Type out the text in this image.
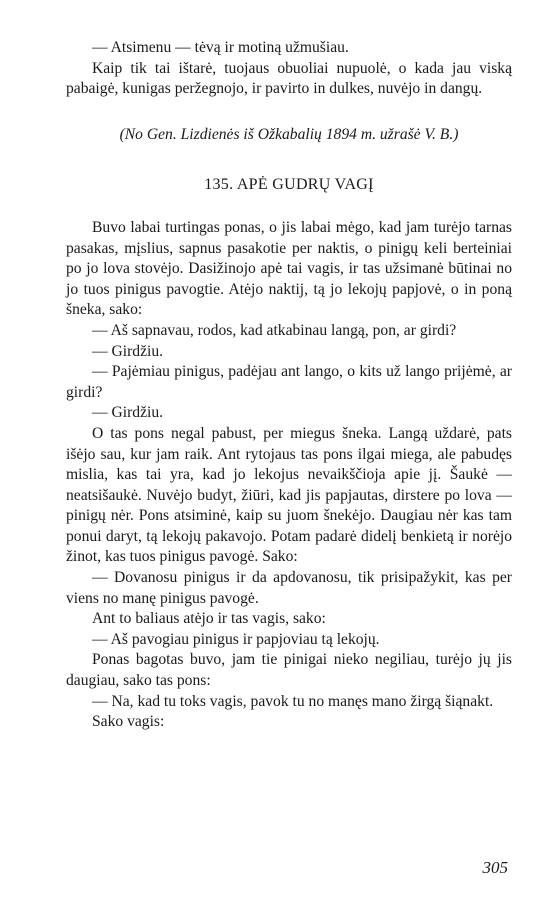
— Atsimenu — tėvą ir motiną užmušiau.

Kaip tik tai ištarė, tuojaus obuoliai nupuolė, o kada jau viską pabaigė, kunigas peržegnojo, ir pavirto in dulkes, nuvėjo in dangų.

(No Gen. Lizdienės iš Ožkabalių 1894 m. užrašė V. B.)

135. APĖ GUDRŲ VAGĮ

Buvo labai turtingas ponas, o jis labai mėgo, kad jam turėjo tarnas pasakas, mįslius, sapnus pasakotie per naktis, o pinigų keli berteiniai po jo lova stovėjo. Dasižinojo apė tai vagis, ir tas užsimanė būtinai no jo tuos pinigus pavogtie. Atėjo naktij, tą jo lekojų papjovė, o in poną šneka, sako:

— Aš sapnavau, rodos, kad atkabinau langą, pon, ar girdi?

— Girdžiu.

— Pajėmiau pinigus, padėjau ant lango, o kits už lango prijėmė, ar girdi?

— Girdžiu.

O tas pons negal pabust, per miegus šneka. Langą uždarė, pats išėjo sau, kur jam raik. Ant rytojaus tas pons ilgai miega, ale pabudęs mislia, kas tai yra, kad jo lekojus nevaikščioja apie jį. Šaukė — neatsišaukė. Nuvėjo budyt, žiūri, kad jis papjautas, dirstere po lova — pinigų nėr. Pons atsiminė, kaip su juom šnekėjo. Daugiau nėr kas tam ponui daryt, tą lekojų pakavojo. Potam padarė didelį benkietą ir norėjo žinot, kas tuos pinigus pavogė. Sako:

— Dovanosu pinigus ir da apdovanosu, tik prisipažykit, kas per viens no manę pinigus pavogė.

Ant to baliaus atėjo ir tas vagis, sako:

— Aš pavogiau pinigus ir papjoviau tą lekojų.

Ponas bagotas buvo, jam tie pinigai nieko negiliau, turėjo jų jis daugiau, sako tas pons:

— Na, kad tu toks vagis, pavok tu no manęs mano žirgą šiąnakt.

Sako vagis:

305
